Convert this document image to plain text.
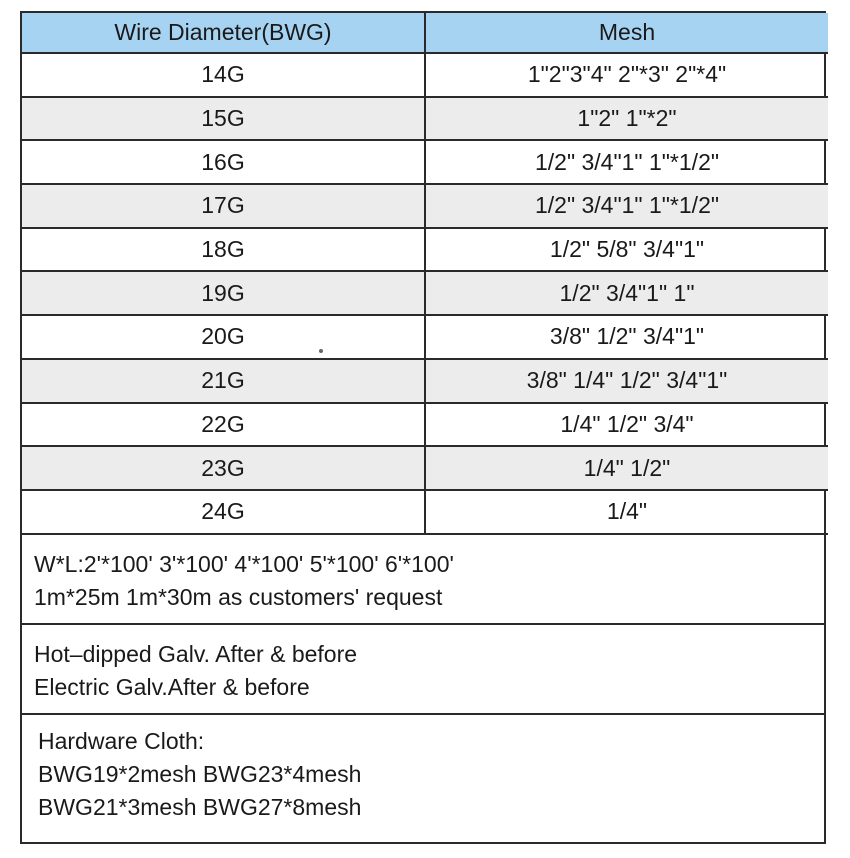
Wire Diameter(BWG)	Mesh
14G	1"2"3"4" 2"*3" 2"*4"
15G	1"2" 1"*2"
16G	1/2" 3/4"1" 1"*1/2"
17G	1/2" 3/4"1" 1"*1/2"
18G	1/2" 5/8" 3/4"1"
19G	1/2" 3/4"1" 1"
20G	3/8" 1/2" 3/4"1"
21G	3/8" 1/4" 1/2" 3/4"1"
22G	1/4" 1/2" 3/4"
23G	1/4" 1/2"
24G	1/4"
W*L:2'*100' 3'*100' 4'*100' 5'*100' 6'*100'
1m*25m 1m*30m as customers' request
Hot–dipped Galv. After & before
Electric Galv.After & before
Hardware Cloth:
BWG19*2mesh BWG23*4mesh
BWG21*3mesh BWG27*8mesh
